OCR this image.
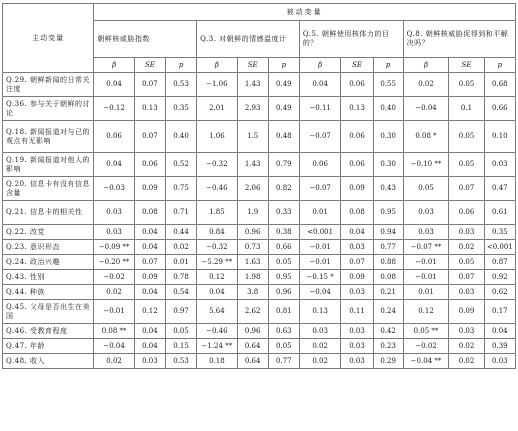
主动变量	被动变量											
	朝鲜核威胁指数			Q.3. 对朝鲜的情感温度计			Q.5. 朝鲜使用核体力的目的？			Q.8. 朝鲜核威胁促得到和平解决吗？		
	β	SE	p	β	SE	p	β	SE	p	β	SE	p
Q.29. 朝鲜新闻的日常关注度	0.04	0.07	0.53	−1.06	1.43	0.49	0.04	0.06	0.55	0.02	0.05	0.68
Q.36. 参与关于朝鲜的讨论	−0.12	0.13	0.35	2.01	2.93	0.49	−0.11	0.13	0.40	−0.04	0.1	0.66
Q.18. 新闻报道对与已的观点有无影响	0.06	0.07	0.40	1.06	1.5	0.48	−0.07	0.06	0.30	0.08 *	0.05	0.10
Q.19. 新闻报道对他人的影响	0.04	0.06	0.52	−0.32	1.43	0.79	0.06	0.06	0.30	−0.10 **	0.05	0.03
Q.20. 信息卡有没有信息含量	−0.03	0.09	0.75	−0.46	2.06	0.82	−0.07	0.09	0.43	0.05	0.07	0.47
Q.21. 信息卡的相关性	0.03	0.08	0.71	1.85	1.9	0.33	0.01	0.08	0.95	0.03	0.06	0.61
Q.22. 改党	0.03	0.04	0.44	0.84	0.96	0.38	<0.001	0.04	0.94	0.03	0.03	0.35
Q.23. 意识形态	−0.09 **	0.04	0.02	−0.32	0.73	0.66	−0.01	0.03	0.77	−0.07 **	0.02	<0.001
Q.24. 政治兴趣	−0.20 **	0.07	0.01	−5.29 **	1.63	0.05	−0.01	0.07	0.88	−0.01	0.05	0.87
Q.43. 性别	−0.02	0.09	0.78	0.12	1.98	0.95	−0.15 *	0.09	0.08	−0.01	0.07	0.92
Q.44. 种族	0.02	0.04	0.54	0.04	3.8	0.96	−0.04	0.03	0.21	0.01	0.03	0.62
Q.45. 父母是否出生在美国	−0.01	0.12	0.97	5.64	2.62	0.81	0.13	0.11	0.24	0.12	0.09	0.17
Q.46. 受教育程度	0.08 **	0.04	0.05	−0.46	0.96	0.63	0.03	0.03	0.42	0.05 **	0.03	0.04
Q.47. 年龄	−0.04	0.04	0.15	−1.24 **	0.64	0.05	0.02	0.03	0.23	−0.02	0.02	0.39
Q.48. 收入	0.02	0.03	0.53	0.18	0.64	0.77	0.02	0.03	0.29	−0.04 **	0.02	0.03
